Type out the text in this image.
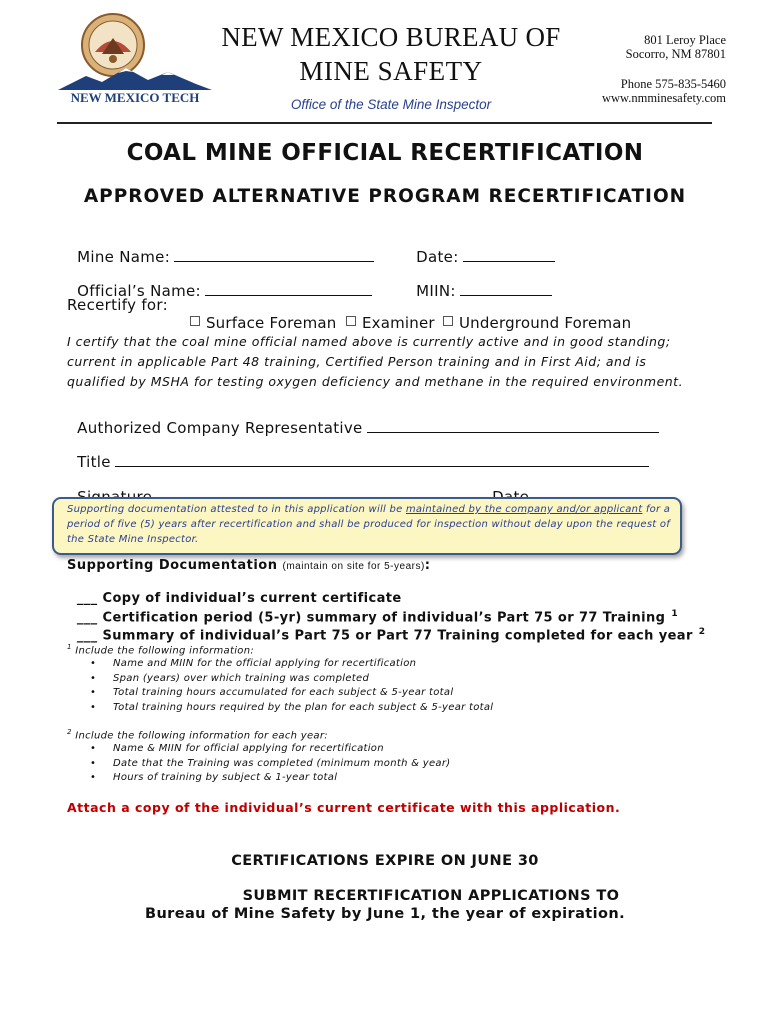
NEW MEXICO TECH
NEW MEXICO BUREAU OF
MINE SAFETY
Office of the State Mine Inspector
801 Leroy Place
Socorro, NM 87801
Phone 575-835-5460
www.nmminesafety.com
COAL MINE OFFICIAL RECERTIFICATION
APPROVED ALTERNATIVE PROGRAM RECERTIFICATION

Mine Name:	Date:

Official’s Name:	MIIN:

Recertify for:

Surface Foreman	Examiner	Underground Foreman

I certify that the coal mine official named above is currently active and in good standing; current in applicable Part 48 training, Certified Person training and in First Aid; and is qualified by MSHA for testing oxygen deficiency and methane in the required environment.

Authorized Company Representative

Title

Supporting documentation attested to in this application will be maintained by the company and/or applicant for a period of five (5) years after recertification and shall be produced for inspection without delay upon the request of the State Mine Inspector.
Supporting Documentation (maintain on site for 5-years):

___ Copy of individual’s current certificate

___ Certification period (5-yr) summary of individual’s Part 75 or 77 Training $^1$

___ Summary of individual’s Part 75 or Part 77 Training completed for each year $^2$

$^1$ Include the following information:
• Name and MIIN for the official applying for recertification
• Span (years) over which training was completed
• Total training hours accumulated for each subject & 5-year total
• Total training hours required by the plan for each subject & 5-year total
$^2$ Include the following information for each year:
• Name & MIIN for official applying for recertification
• Date that the Training was completed (minimum month & year)
• Hours of training by subject & 1-year total
Attach a copy of the individual’s current certificate with this application.
CERTIFICATIONS EXPIRE ON JUNE 30
SUBMIT RECERTIFICATION APPLICATIONS TO
Bureau of Mine Safety by June 1, the year of expiration.
